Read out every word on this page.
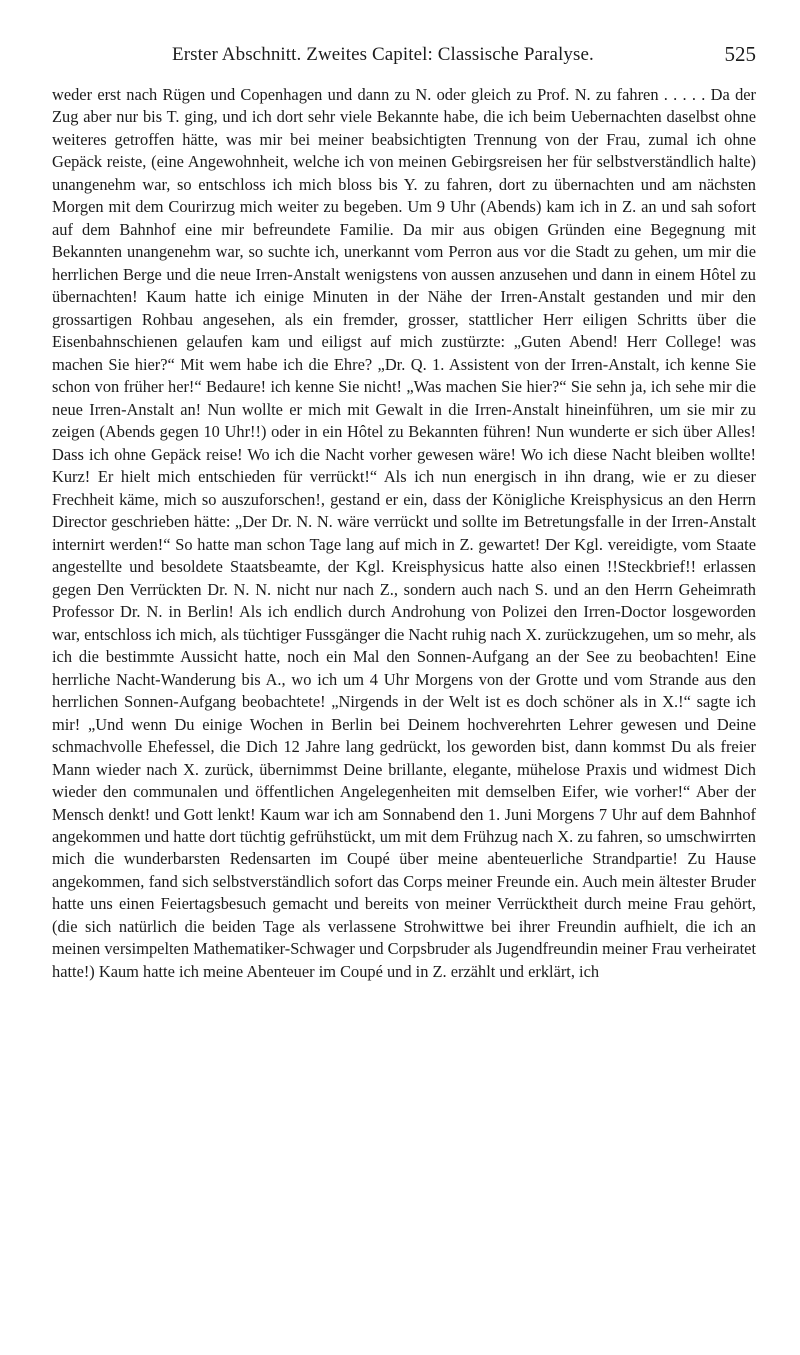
Erster Abschnitt. Zweites Capitel: Classische Paralyse.	525

weder erst nach Rügen und Copenhagen und dann zu N. oder gleich zu Prof. N. zu fahren . . . . . Da der Zug aber nur bis T. ging, und ich dort sehr viele Bekannte habe, die ich beim Uebernachten daselbst ohne weiteres getroffen hätte, was mir bei meiner beabsichtigten Trennung von der Frau, zumal ich ohne Gepäck reiste, (eine Angewohnheit, welche ich von meinen Gebirgsreisen her für selbstverständlich halte) unangenehm war, so entschloss ich mich bloss bis Y. zu fahren, dort zu übernachten und am nächsten Morgen mit dem Courirzug mich weiter zu begeben. Um 9 Uhr (Abends) kam ich in Z. an und sah sofort auf dem Bahnhof eine mir befreundete Familie. Da mir aus obigen Gründen eine Begegnung mit Bekannten unangenehm war, so suchte ich, unerkannt vom Perron aus vor die Stadt zu gehen, um mir die herrlichen Berge und die neue Irren-Anstalt wenigstens von aussen anzusehen und dann in einem Hôtel zu übernachten! Kaum hatte ich einige Minuten in der Nähe der Irren-Anstalt gestanden und mir den grossartigen Rohbau angesehen, als ein fremder, grosser, stattlicher Herr eiligen Schritts über die Eisenbahnschienen gelaufen kam und eiligst auf mich zustürzte: „Guten Abend! Herr College! was machen Sie hier?“ Mit wem habe ich die Ehre? „Dr. Q. 1. Assistent von der Irren-Anstalt, ich kenne Sie schon von früher her!“ Bedaure! ich kenne Sie nicht! „Was machen Sie hier?“ Sie sehn ja, ich sehe mir die neue Irren-Anstalt an! Nun wollte er mich mit Gewalt in die Irren-Anstalt hineinführen, um sie mir zu zeigen (Abends gegen 10 Uhr!!) oder in ein Hôtel zu Bekannten führen! Nun wunderte er sich über Alles! Dass ich ohne Gepäck reise! Wo ich die Nacht vorher gewesen wäre! Wo ich diese Nacht bleiben wollte! Kurz! Er hielt mich entschieden für verrückt!“ Als ich nun energisch in ihn drang, wie er zu dieser Frechheit käme, mich so auszuforschen!, gestand er ein, dass der Königliche Kreisphysicus an den Herrn Director geschrieben hätte: „Der Dr. N. N. wäre verrückt und sollte im Betretungsfalle in der Irren-Anstalt internirt werden!“ So hatte man schon Tage lang auf mich in Z. gewartet! Der Kgl. vereidigte, vom Staate angestellte und besoldete Staatsbeamte, der Kgl. Kreisphysicus hatte also einen !!Steckbrief!! erlassen gegen Den Verrückten Dr. N. N. nicht nur nach Z., sondern auch nach S. und an den Herrn Geheimrath Professor Dr. N. in Berlin! Als ich endlich durch Androhung von Polizei den Irren-Doctor losgeworden war, entschloss ich mich, als tüchtiger Fussgänger die Nacht ruhig nach X. zurückzugehen, um so mehr, als ich die bestimmte Aussicht hatte, noch ein Mal den Sonnen-Aufgang an der See zu beobachten! Eine herrliche Nacht-Wanderung bis A., wo ich um 4 Uhr Morgens von der Grotte und vom Strande aus den herrlichen Sonnen-Aufgang beobachtete! „Nirgends in der Welt ist es doch schöner als in X.!“ sagte ich mir! „Und wenn Du einige Wochen in Berlin bei Deinem hochverehrten Lehrer gewesen und Deine schmachvolle Ehefessel, die Dich 12 Jahre lang gedrückt, los geworden bist, dann kommst Du als freier Mann wieder nach X. zurück, übernimmst Deine brillante, elegante, mühelose Praxis und widmest Dich wieder den communalen und öffentlichen Angelegenheiten mit demselben Eifer, wie vorher!“ Aber der Mensch denkt! und Gott lenkt! Kaum war ich am Sonnabend den 1. Juni Morgens 7 Uhr auf dem Bahnhof angekommen und hatte dort tüchtig gefrühstückt, um mit dem Frühzug nach X. zu fahren, so umschwirrten mich die wunderbarsten Redensarten im Coupé über meine abenteuerliche Strandpartie! Zu Hause angekommen, fand sich selbstverständlich sofort das Corps meiner Freunde ein. Auch mein ältester Bruder hatte uns einen Feiertagsbesuch gemacht und bereits von meiner Verrücktheit durch meine Frau gehört, (die sich natürlich die beiden Tage als verlassene Strohwittwe bei ihrer Freundin aufhielt, die ich an meinen versimpelten Mathematiker-Schwager und Corpsbruder als Jugendfreundin meiner Frau verheiratet hatte!) Kaum hatte ich meine Abenteuer im Coupé und in Z. erzählt und erklärt, ich
